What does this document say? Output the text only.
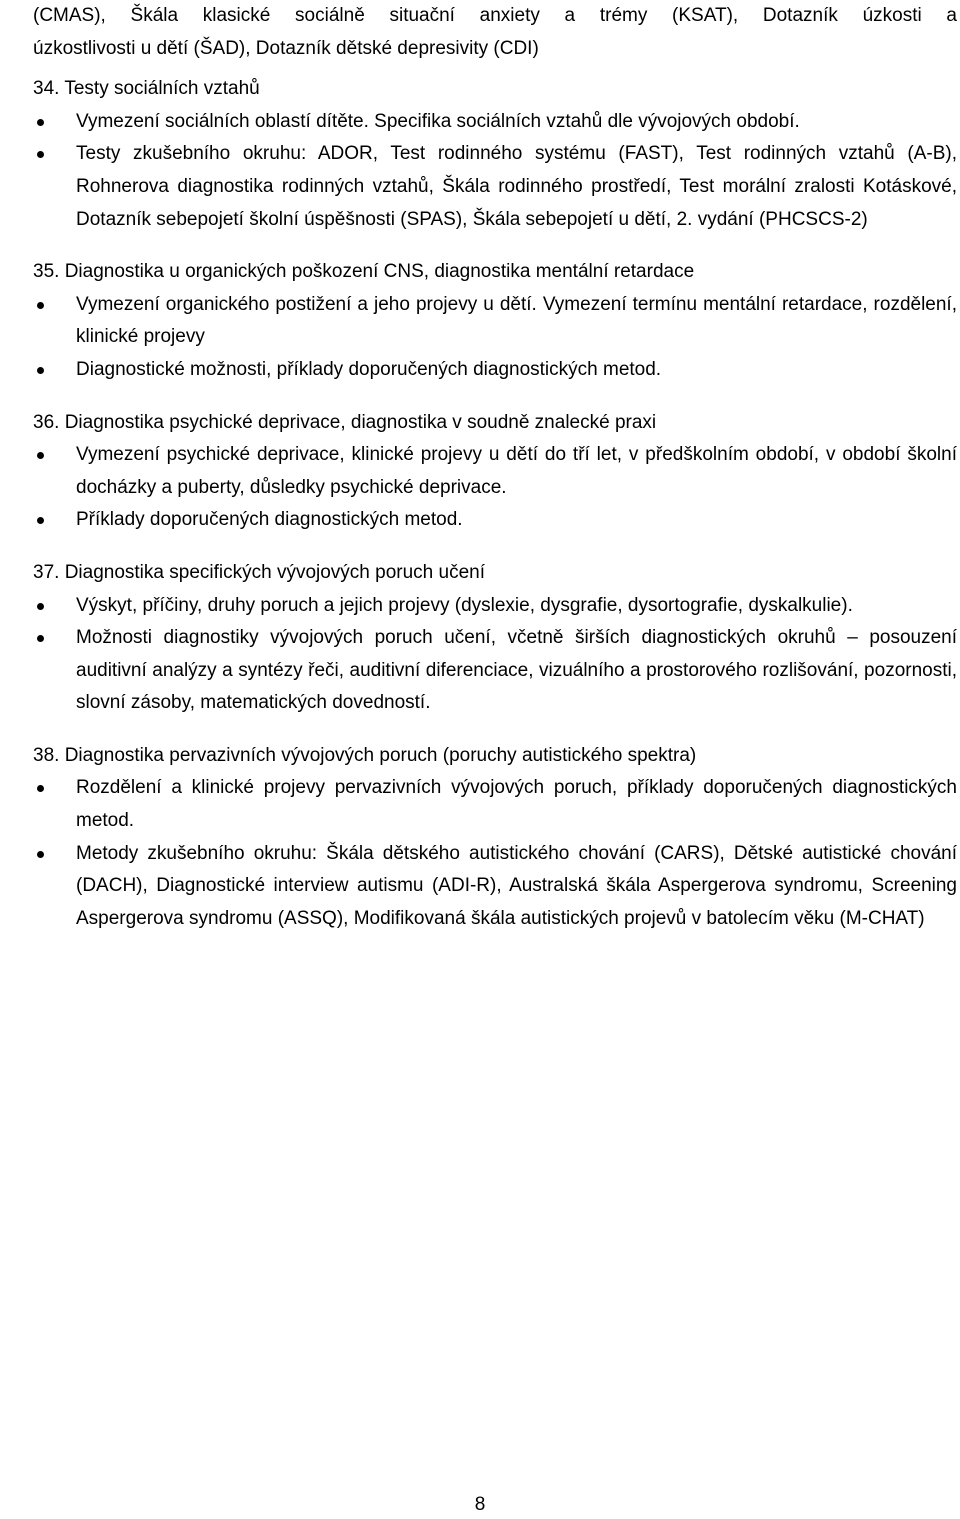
(CMAS), Škála klasické sociálně situační anxiety a trémy (KSAT), Dotazník úzkosti a

úzkostlivosti u dětí (ŠAD), Dotazník dětské depresivity (CDI)

34. Testy sociálních vztahů

Vymezení sociálních oblastí dítěte. Specifika sociálních vztahů dle vývojových období.
Testy zkušebního okruhu: ADOR, Test rodinného systému (FAST), Test rodinných vztahů (A-B), Rohnerova diagnostika rodinných vztahů, Škála rodinného prostředí, Test morální zralosti Kotáskové, Dotazník sebepojetí školní úspěšnosti (SPAS), Škála sebepojetí u dětí, 2. vydání (PHCSCS-2)

35. Diagnostika u organických poškození CNS, diagnostika mentální retardace

Vymezení organického postižení a jeho projevy u dětí. Vymezení termínu mentální retardace, rozdělení, klinické projevy
Diagnostické možnosti, příklady doporučených diagnostických metod.

36. Diagnostika psychické deprivace, diagnostika v soudně znalecké praxi

Vymezení psychické deprivace, klinické projevy u dětí do tří let, v předškolním období, v období školní docházky a puberty, důsledky psychické deprivace.
Příklady doporučených diagnostických metod.

37. Diagnostika specifických vývojových poruch učení

Výskyt, příčiny, druhy poruch a jejich projevy (dyslexie, dysgrafie, dysortografie, dyskalkulie).
Možnosti diagnostiky vývojových poruch učení, včetně širších diagnostických okruhů – posouzení auditivní analýzy a syntézy řeči, auditivní diferenciace, vizuálního a prostorového rozlišování, pozornosti, slovní zásoby, matematických dovedností.

38. Diagnostika pervazivních vývojových poruch (poruchy autistického spektra)

Rozdělení a klinické projevy pervazivních vývojových poruch, příklady doporučených diagnostických metod.
Metody zkušebního okruhu: Škála dětského autistického chování (CARS), Dětské autistické chování (DACH), Diagnostické interview autismu (ADI-R), Australská škála Aspergerova syndromu, Screening Aspergerova syndromu (ASSQ), Modifikovaná škála autistických projevů v batolecím věku (M-CHAT)
8
